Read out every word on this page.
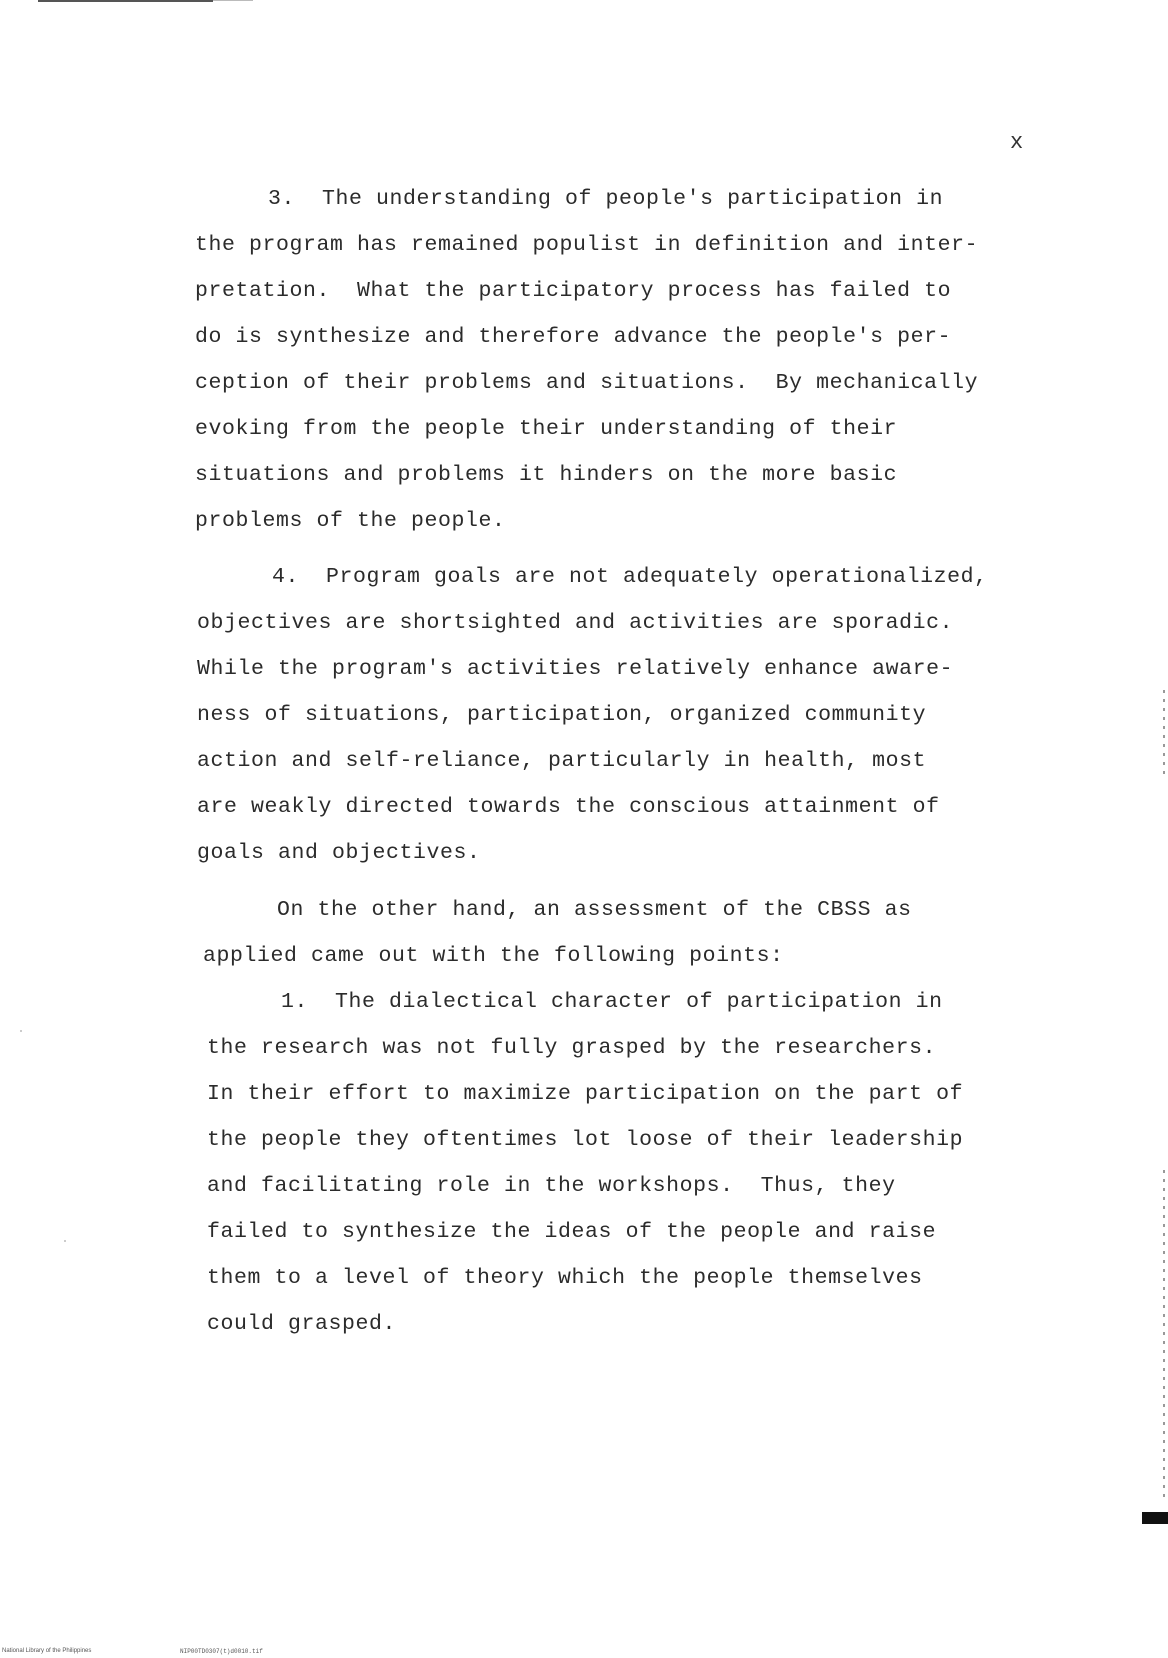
x
3.  The understanding of people's participation in
the program has remained populist in definition and inter-
pretation.  What the participatory process has failed to
do is synthesize and therefore advance the people's per-
ception of their problems and situations.  By mechanically
evoking from the people their understanding of their
situations and problems it hinders on the more basic
problems of the people.
4.  Program goals are not adequately operationalized,
objectives are shortsighted and activities are sporadic.
While the program's activities relatively enhance aware-
ness of situations, participation, organized community
action and self-reliance, particularly in health, most
are weakly directed towards the conscious attainment of
goals and objectives.
On the other hand, an assessment of the CBSS as
applied came out with the following points:
1.  The dialectical character of participation in
the research was not fully grasped by the researchers.
In their effort to maximize participation on the part of
the people they oftentimes lot loose of their leadership
and facilitating role in the workshops.  Thus, they
failed to synthesize the ideas of the people and raise
them to a level of theory which the people themselves
could grasped.
National Library of the Philippines	NIP00TD0307(t)d0010.tif
